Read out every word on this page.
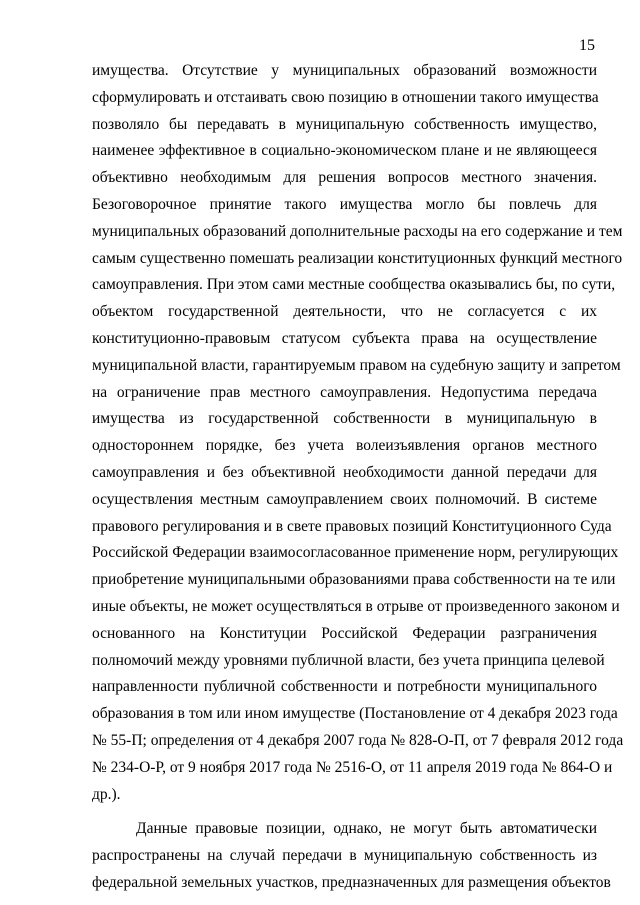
15
имущества. Отсутствие у муниципальных образований возможности
сформулировать и отстаивать свою позицию в отношении такого имущества
позволяло бы передавать в муниципальную собственность имущество,
наименее эффективное в социально-экономическом плане и не являющееся
объективно необходимым для решения вопросов местного значения.
Безоговорочное принятие такого имущества могло бы повлечь для
муниципальных образований дополнительные расходы на его содержание и тем
самым существенно помешать реализации конституционных функций местного
самоуправления. При этом сами местные сообщества оказывались бы, по сути,
объектом государственной деятельности, что не согласуется с их
конституционно-правовым статусом субъекта права на осуществление
муниципальной власти, гарантируемым правом на судебную защиту и запретом
на ограничение прав местного самоуправления. Недопустима передача
имущества из государственной собственности в муниципальную в
одностороннем порядке, без учета волеизъявления органов местного
самоуправления и без объективной необходимости данной передачи для
осуществления местным самоуправлением своих полномочий. В системе
правового регулирования и в свете правовых позиций Конституционного Суда
Российской Федерации взаимосогласованное применение норм, регулирующих
приобретение муниципальными образованиями права собственности на те или
иные объекты, не может осуществляться в отрыве от произведенного законом и
основанного на Конституции Российской Федерации разграничения
полномочий между уровнями публичной власти, без учета принципа целевой
направленности публичной собственности и потребности муниципального
образования в том или ином имуществе (Постановление от 4 декабря 2023 года
№ 55-П; определения от 4 декабря 2007 года № 828-О-П, от 7 февраля 2012 года
№ 234-О-Р, от 9 ноября 2017 года № 2516-О, от 11 апреля 2019 года № 864-О и
др.).
Данные правовые позиции, однако, не могут быть автоматически
распространены на случай передачи в муниципальную собственность из
федеральной земельных участков, предназначенных для размещения объектов
